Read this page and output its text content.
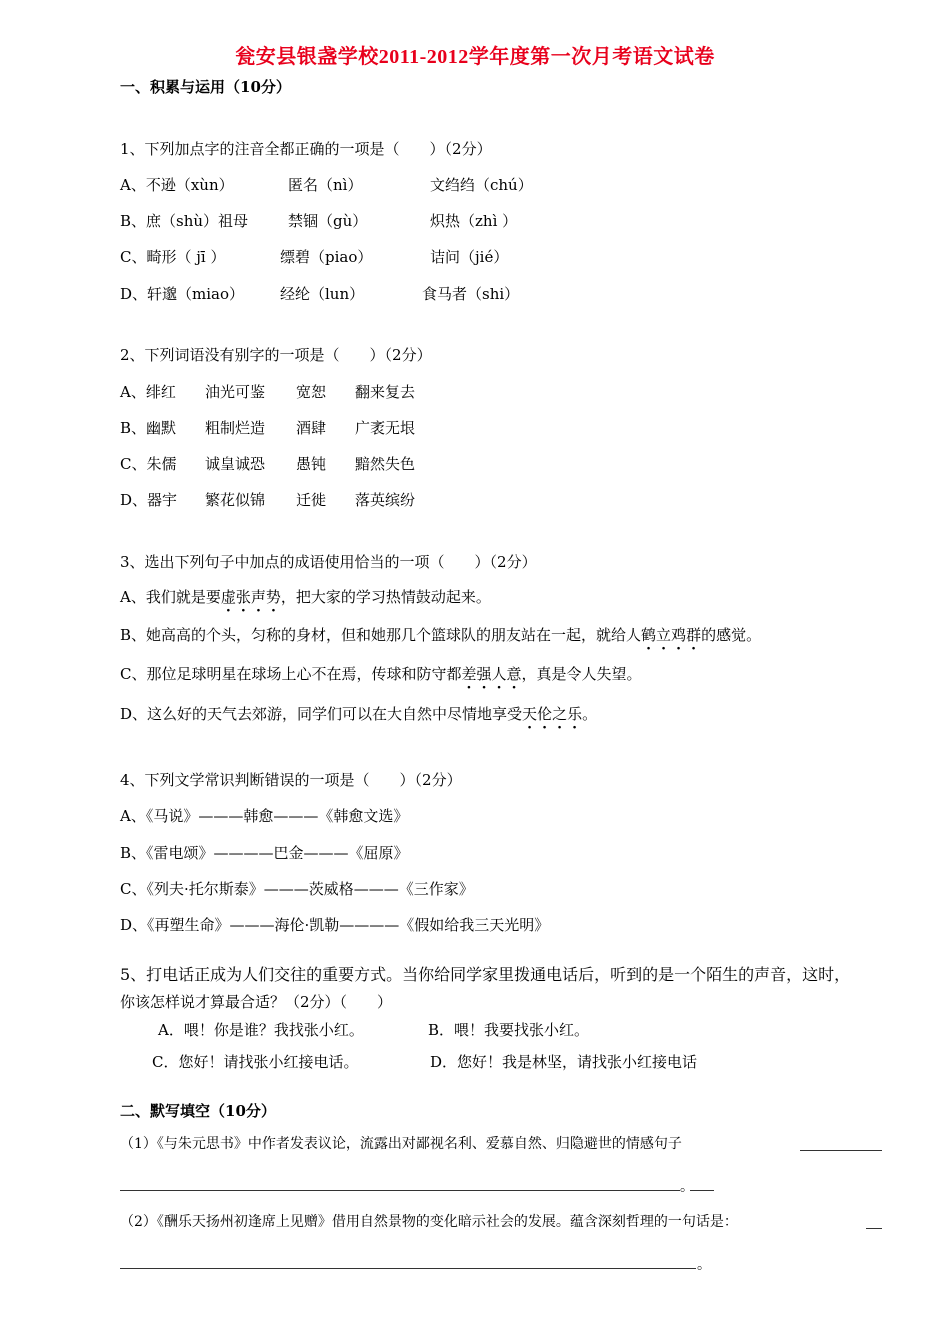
瓮安县银盏学校2011-2012学年度第一次月考语文试卷
一、积累与运用（10分）
1、下列加点字的注音全都正确的一项是（　　）（2分）
A、不逊（xùn）	匿名（nì）	文绉绉（chú）
B、庶（shù）祖母	禁锢（gù）	炽热（zhì ）
C、畸形（ jī ）	缥碧（piao）	诘问（jié）
D、轩邈（miao） 经纶（lun）	食马者（shi）
2、下列词语没有别字的一项是（　　）（2分）
A、绯红 油光可鉴 宽恕 翻来复去
B、幽默 粗制烂造 酒肆 广袤无垠
C、朱儒 诚皇诚恐 愚钝 黯然失色
D、器宇 繁花似锦 迁徙 落英缤纷
3、选出下列句子中加点的成语使用恰当的一项（　　）（2分）
A、我们就是要虚张声势，把大家的学习热情鼓动起来。
B、她高高的个头，匀称的身材，但和她那几个篮球队的朋友站在一起，就给人鹤立鸡群的感觉。
C、那位足球明星在球场上心不在焉，传球和防守都差强人意，真是令人失望。
D、这么好的天气去郊游，同学们可以在大自然中尽情地享受天伦之乐。
4、下列文学常识判断错误的一项是（　　）（2分）
A、《马说》———韩愈———《韩愈文选》
B、《雷电颂》————巴金———《屈原》
C、《列夫·托尔斯泰》———茨威格———《三作家》
D、《再塑生命》———海伦·凯勒————《假如给我三天光明》
5、打电话正成为人们交往的重要方式。当你给同学家里拨通电话后，听到的是一个陌生的声音，这时，
你该怎样说才算最合适？（2分）（　　）
A．喂！你是谁？我找张小红。	B．喂！我要找张小红。
C．您好！请找张小红接电话。	D．您好！我是林坚，请找张小红接电话
二、默写填空（10分）
（1）《与朱元思书》中作者发表议论，流露出对鄙视名利、爱慕自然、归隐避世的情感句子
。
（2）《酬乐天扬州初逢席上见赠》借用自然景物的变化暗示社会的发展。蕴含深刻哲理的一句话是：
。
